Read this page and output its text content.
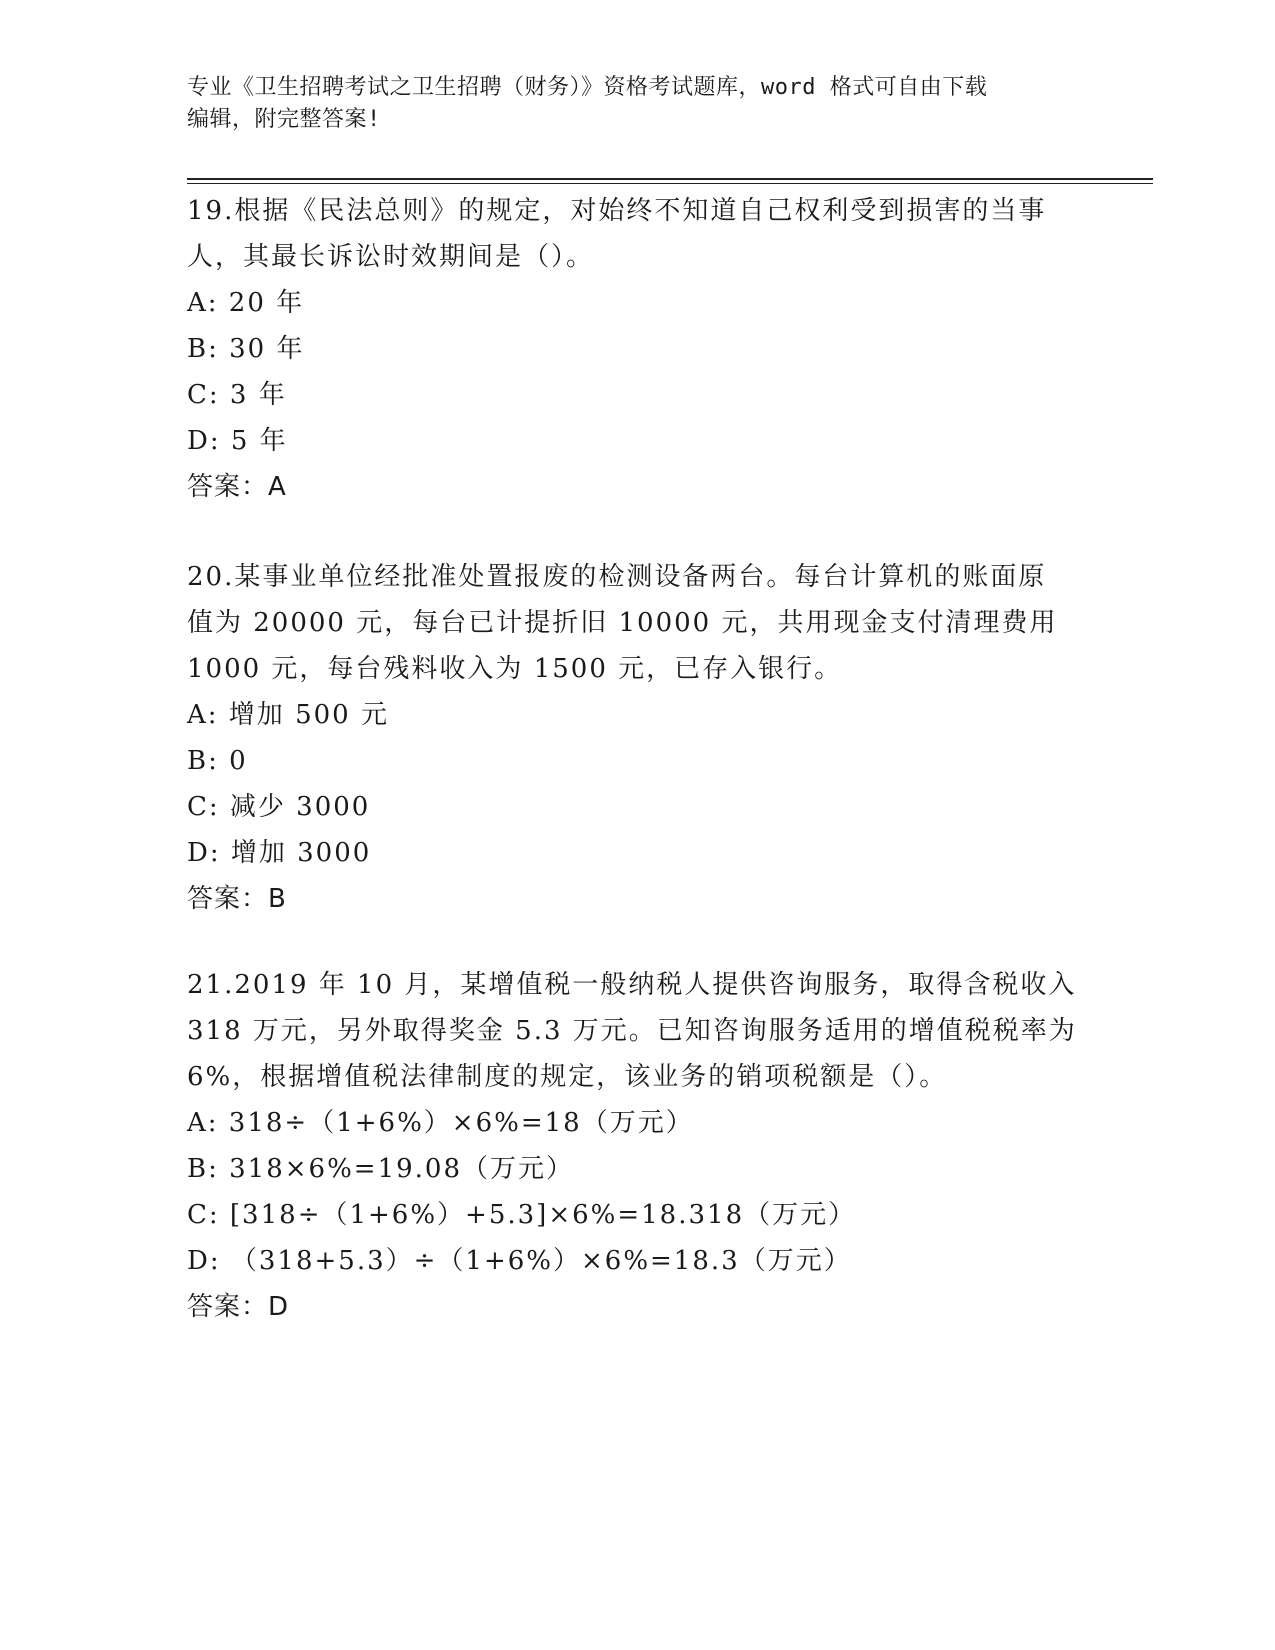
专业《卫生招聘考试之卫生招聘（财务）》资格考试题库，word 格式可自由下载
编辑，附完整答案!
19.根据《民法总则》的规定，对始终不知道自己权利受到损害的当事
人，其最长诉讼时效期间是（）。
A: 20 年
B: 30 年
C: 3 年
D: 5 年
答案：A
20.某事业单位经批准处置报废的检测设备两台。每台计算机的账面原
值为 20000 元，每台已计提折旧 10000 元，共用现金支付清理费用
1000 元，每台残料收入为 1500 元，已存入银行。
A: 增加 500 元
B: 0
C: 减少 3000
D: 增加 3000
答案：B
21.2019 年 10 月，某增值税一般纳税人提供咨询服务，取得含税收入
318 万元，另外取得奖金 5.3 万元。已知咨询服务适用的增值税税率为
6%，根据增值税法律制度的规定，该业务的销项税额是（）。
A: 318÷（1+6%）×6%=18（万元）
B: 318×6%=19.08（万元）
C: [318÷（1+6%）+5.3]×6%=18.318（万元）
D: （318+5.3）÷（1+6%）×6%=18.3（万元）
答案：D
